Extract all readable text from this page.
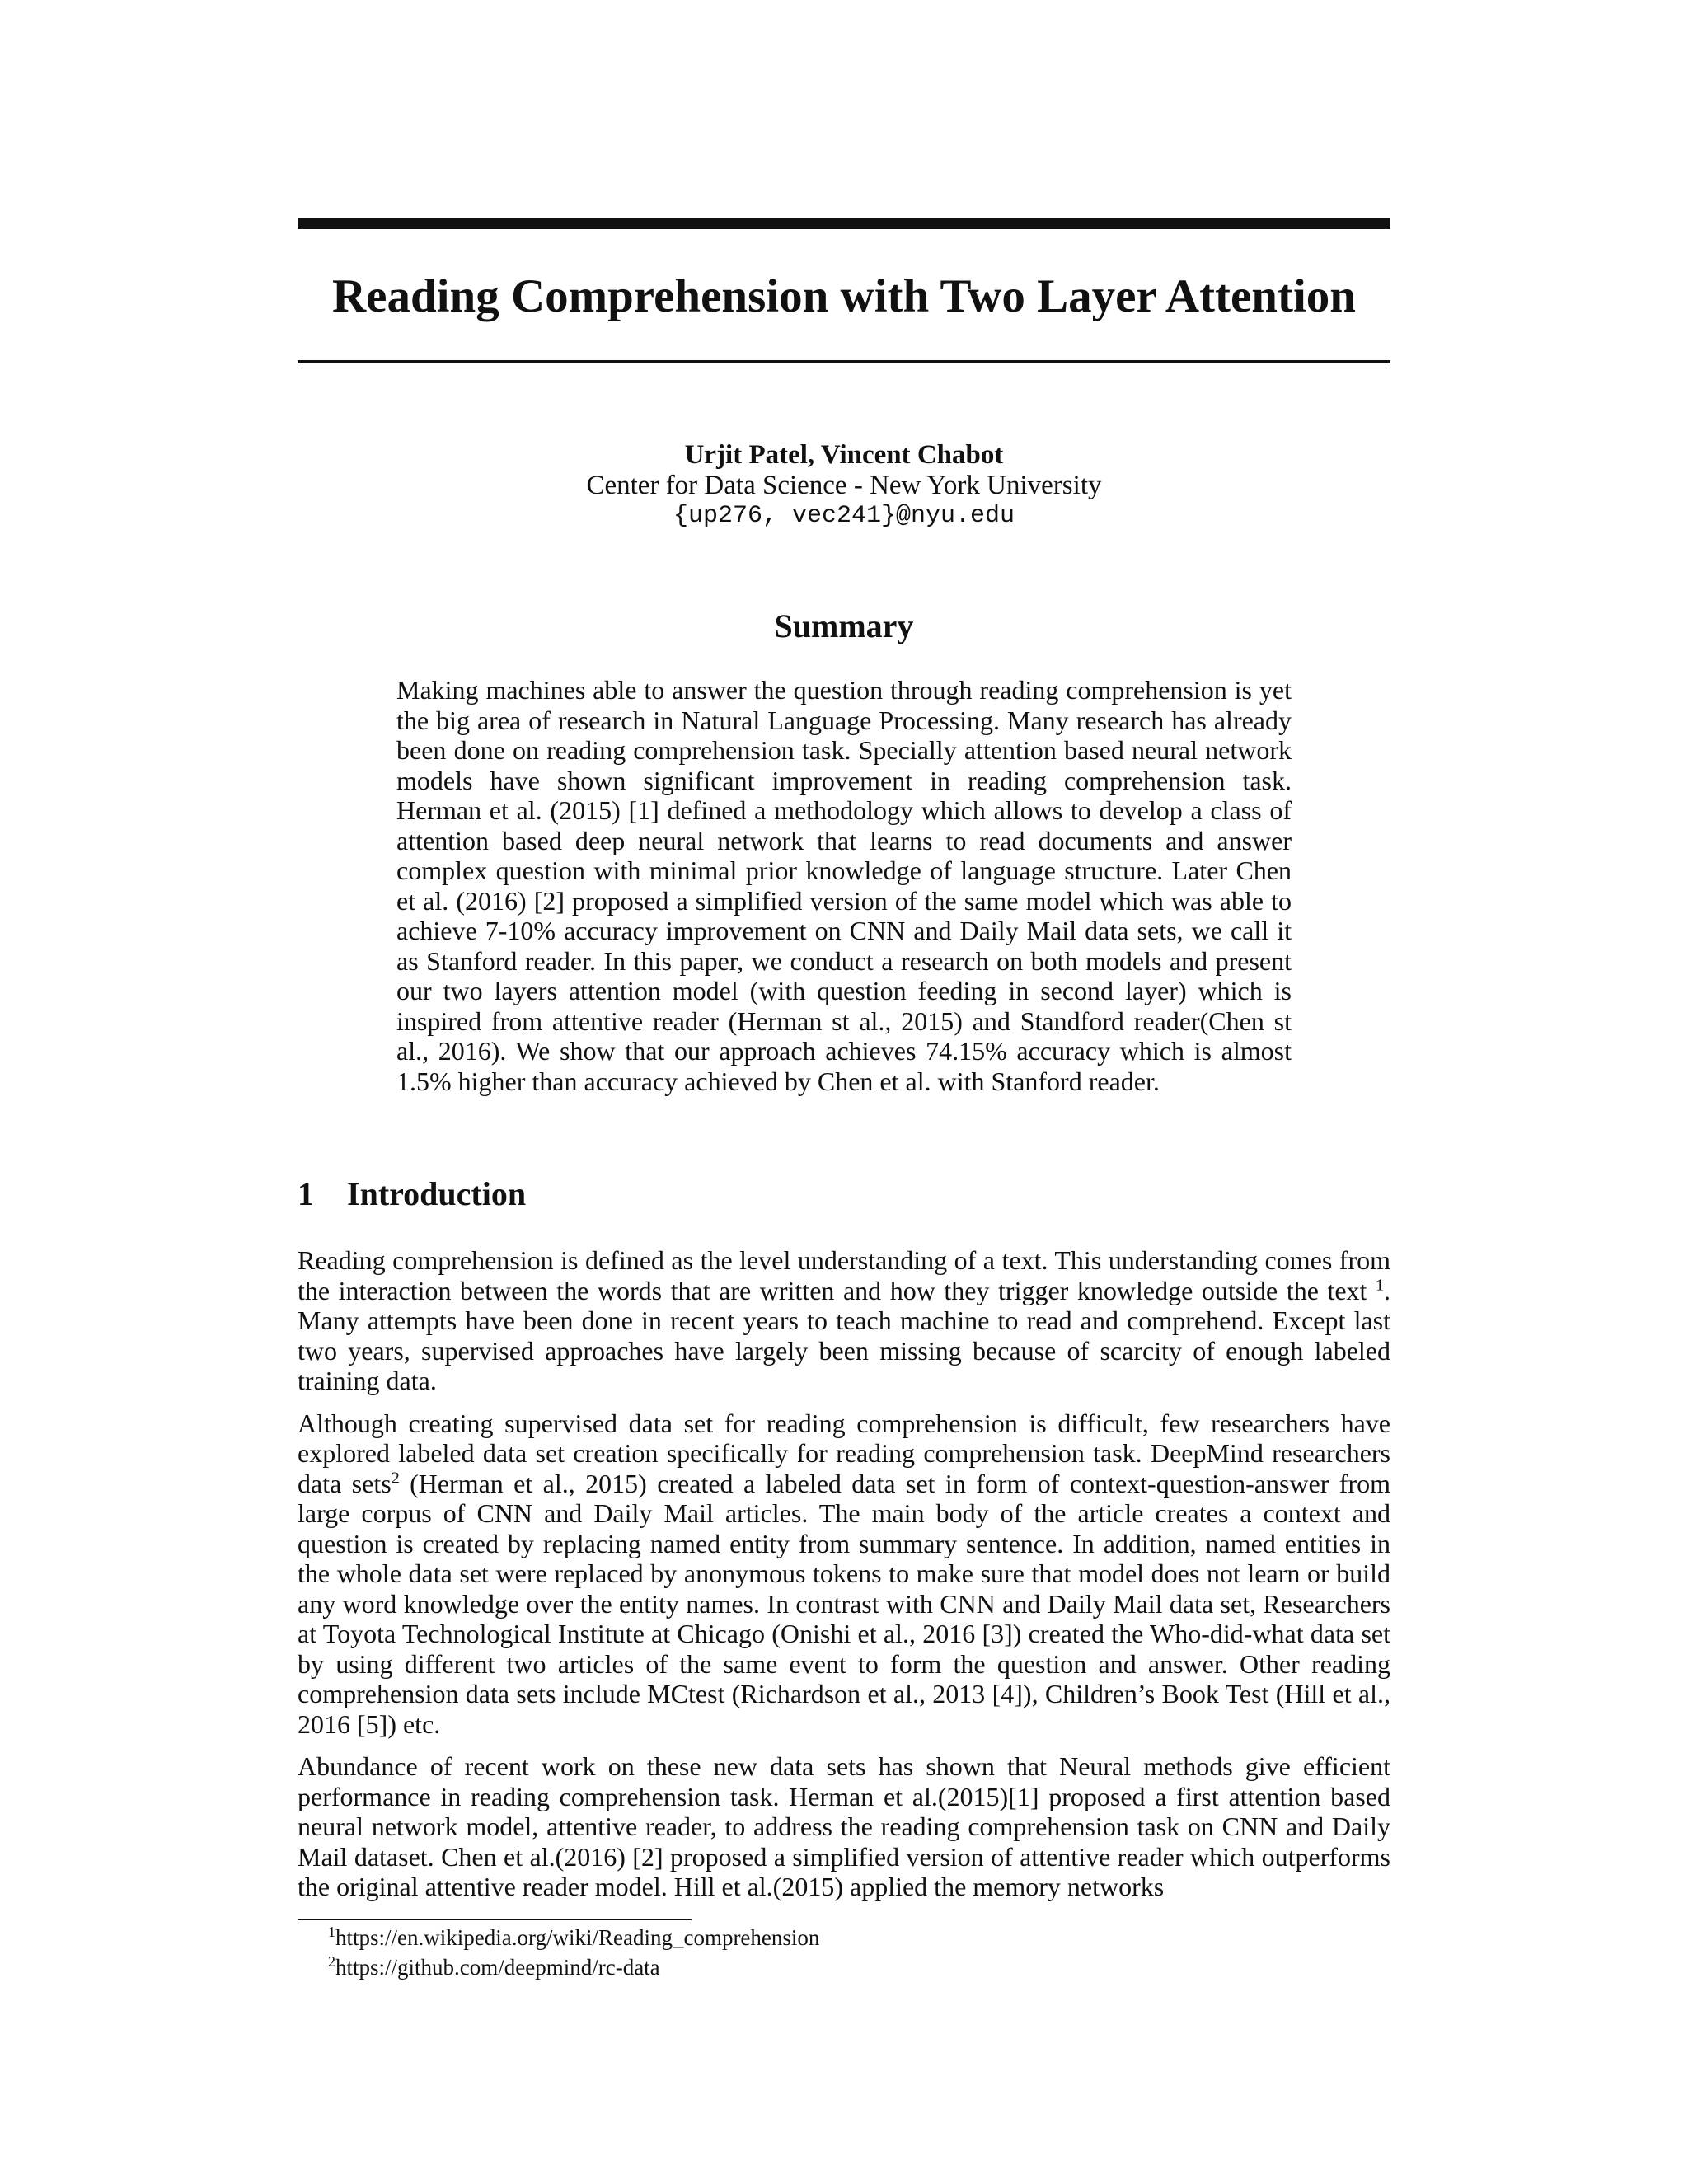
Reading Comprehension with Two Layer Attention
Urjit Patel, Vincent Chabot
Center for Data Science - New York University
{up276, vec241}@nyu.edu
Summary

Making machines able to answer the question through reading comprehension is yet the big area of research in Natural Language Processing. Many research has already been done on reading comprehension task. Specially attention based neural network models have shown significant improvement in reading comprehension task. Herman et al. (2015) [1] defined a methodology which allows to develop a class of attention based deep neural network that learns to read documents and answer complex question with minimal prior knowledge of language structure. Later Chen et al. (2016) [2] proposed a simplified version of the same model which was able to achieve 7-10% accuracy improvement on CNN and Daily Mail data sets, we call it as Stanford reader. In this paper, we conduct a research on both models and present our two layers attention model (with question feeding in second layer) which is inspired from attentive reader (Herman st al., 2015) and Standford reader(Chen st al., 2016). We show that our approach achieves 74.15% accuracy which is almost 1.5% higher than accuracy achieved by Chen et al. with Stanford reader.

1 Introduction

Reading comprehension is defined as the level understanding of a text. This understanding comes from the interaction between the words that are written and how they trigger knowledge outside the text $^1$. Many attempts have been done in recent years to teach machine to read and comprehend. Except last two years, supervised approaches have largely been missing because of scarcity of enough labeled training data.

Although creating supervised data set for reading comprehension is difficult, few researchers have explored labeled data set creation specifically for reading comprehension task. DeepMind researchers data sets$^2$ (Herman et al., 2015) created a labeled data set in form of context-question-answer from large corpus of CNN and Daily Mail articles. The main body of the article creates a context and question is created by replacing named entity from summary sentence. In addition, named entities in the whole data set were replaced by anonymous tokens to make sure that model does not learn or build any word knowledge over the entity names. In contrast with CNN and Daily Mail data set, Researchers at Toyota Technological Institute at Chicago (Onishi et al., 2016 [3]) created the Who-did-what data set by using different two articles of the same event to form the question and answer. Other reading comprehension data sets include MCtest (Richardson et al., 2013 [4]), Children’s Book Test (Hill et al., 2016 [5]) etc.

Abundance of recent work on these new data sets has shown that Neural methods give efficient performance in reading comprehension task. Herman et al.(2015)[1] proposed a first attention based neural network model, attentive reader, to address the reading comprehension task on CNN and Daily Mail dataset. Chen et al.(2016) [2] proposed a simplified version of attentive reader which outperforms the original attentive reader model. Hill et al.(2015) applied the memory networks

$^1$https://en.wikipedia.org/wiki/Reading_comprehension
$^2$https://github.com/deepmind/rc-data
